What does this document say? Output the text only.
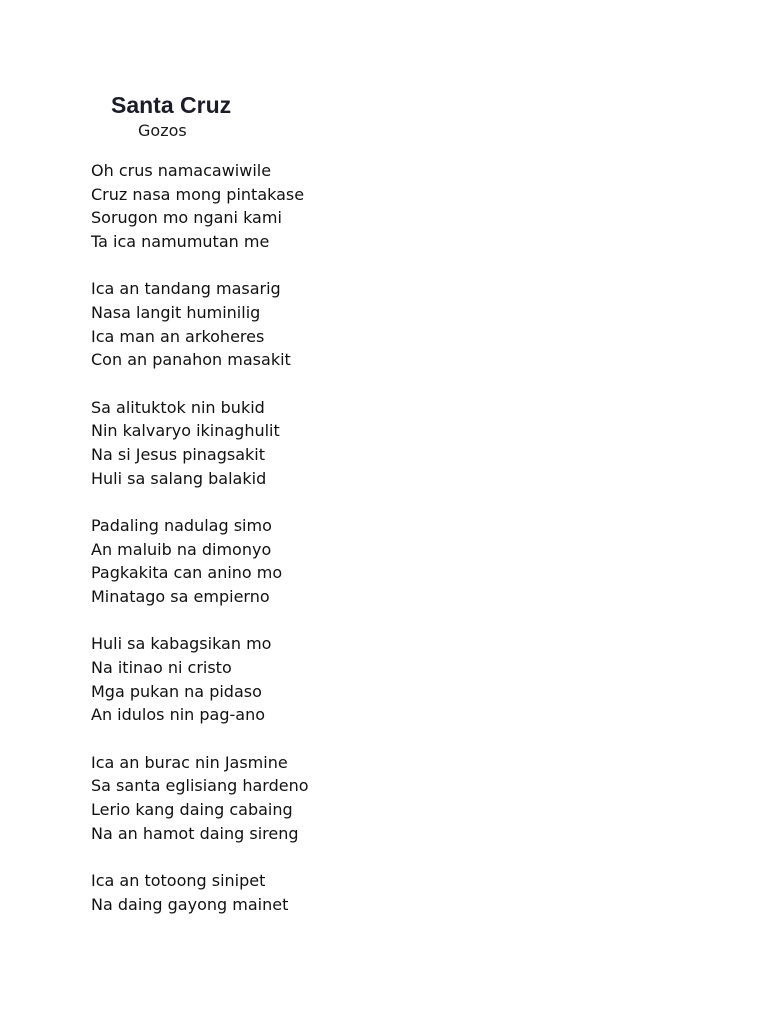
Santa Cruz
Gozos
Oh crus namacawiwile
Cruz nasa mong pintakase
Sorugon mo ngani kami
Ta ica namumutan me
Ica an tandang masarig
Nasa langit huminilig
Ica man an arkoheres
Con an panahon masakit
Sa alituktok nin bukid
Nin kalvaryo ikinaghulit
Na si Jesus pinagsakit
Huli sa salang balakid
Padaling nadulag simo
An maluib na dimonyo
Pagkakita can anino mo
Minatago sa empierno
Huli sa kabagsikan mo
Na itinao ni cristo
Mga pukan na pidaso
An idulos nin pag-ano
Ica an burac nin Jasmine
Sa santa eglisiang hardeno
Lerio kang daing cabaing
Na an hamot daing sireng
Ica an totoong sinipet
Na daing gayong mainet
